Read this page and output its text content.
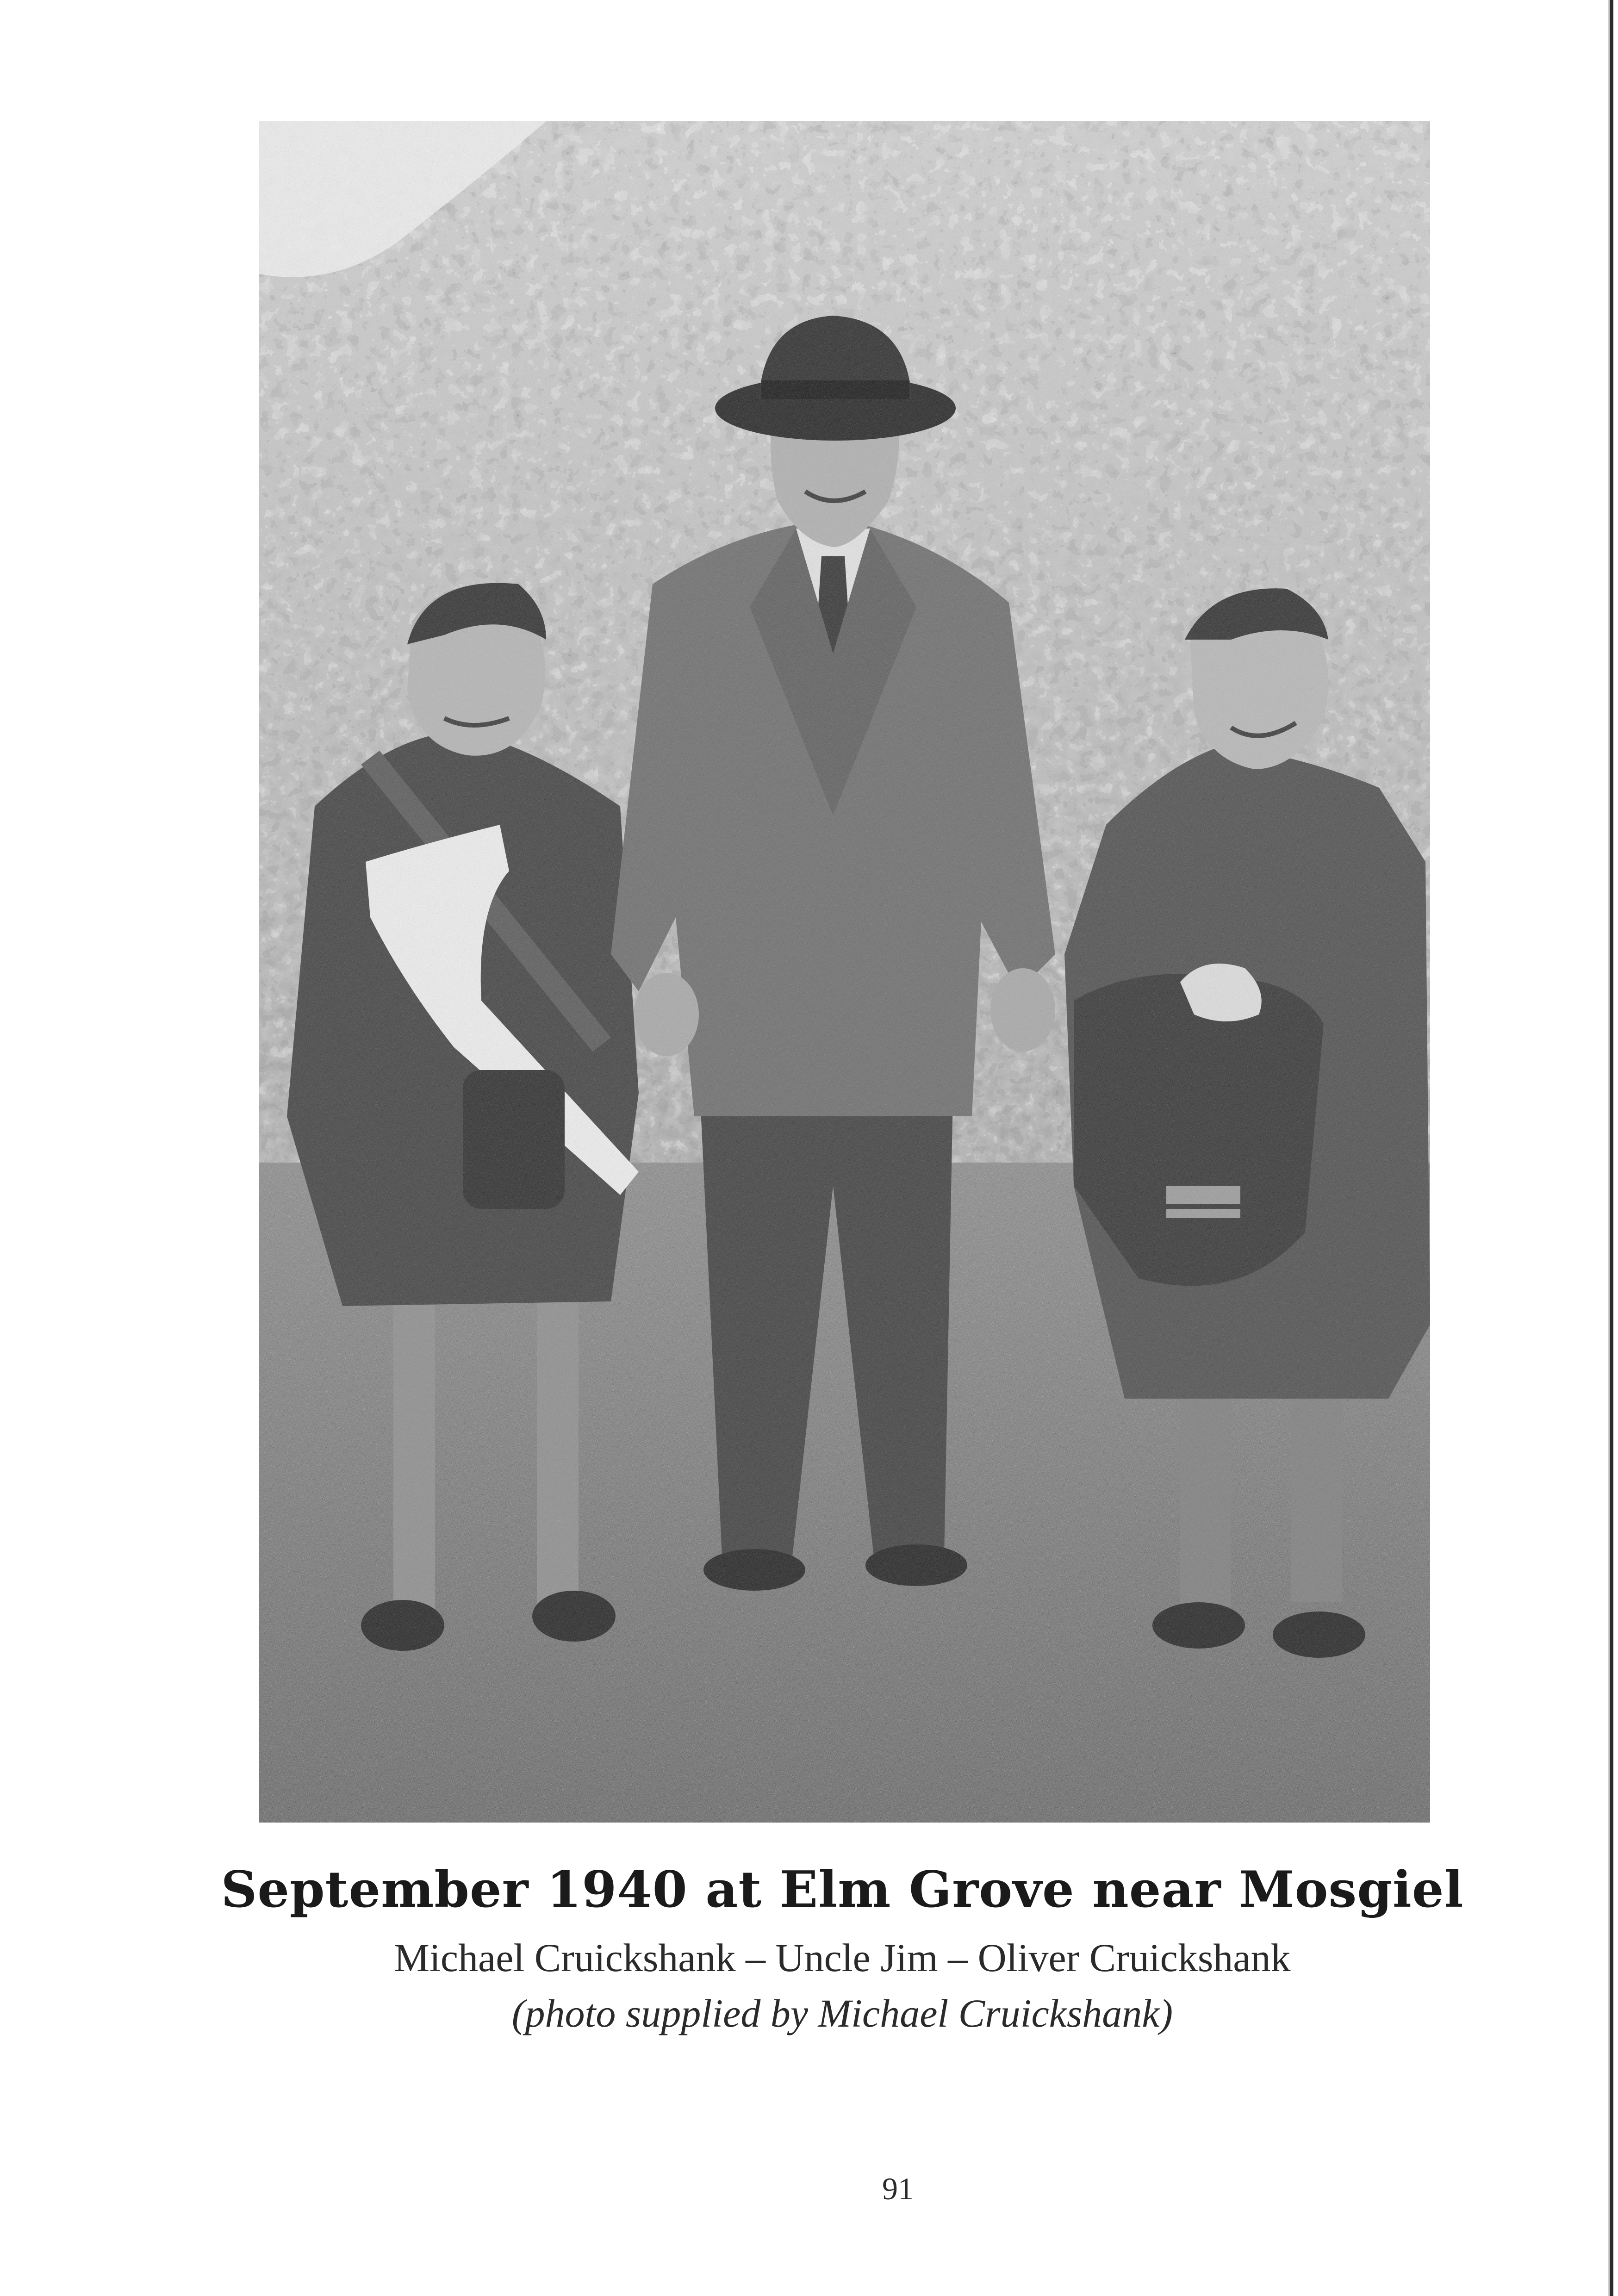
September 1940 at Elm Grove near Mosgiel
Michael Cruickshank – Uncle Jim – Oliver Cruickshank
(photo supplied by Michael Cruickshank)
91
